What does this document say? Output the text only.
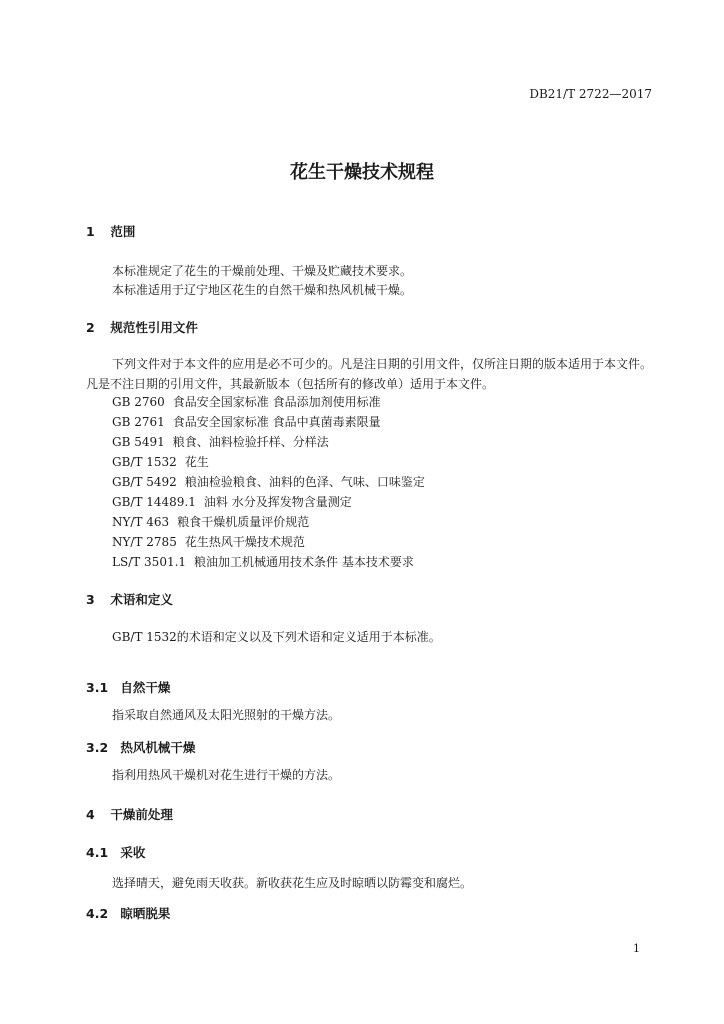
DB21/T 2722—2017
花生干燥技术规程
1 范围
本标准规定了花生的干燥前处理、干燥及贮藏技术要求。
本标准适用于辽宁地区花生的自然干燥和热风机械干燥。
2 规范性引用文件
下列文件对于本文件的应用是必不可少的。凡是注日期的引用文件，仅所注日期的版本适用于本文件。凡是不注日期的引用文件，其最新版本（包括所有的修改单）适用于本文件。
GB 2760 食品安全国家标准 食品添加剂使用标准
GB 2761 食品安全国家标准 食品中真菌毒素限量
GB 5491 粮食、油料检验扦样、分样法
GB/T 1532 花生
GB/T 5492 粮油检验粮食、油料的色泽、气味、口味鉴定
GB/T 14489.1 油料 水分及挥发物含量测定
NY/T 463 粮食干燥机质量评价规范
NY/T 2785 花生热风干燥技术规范
LS/T 3501.1 粮油加工机械通用技术条件 基本技术要求
3 术语和定义
GB/T 1532的术语和定义以及下列术语和定义适用于本标准。
3.1 自然干燥
指采取自然通风及太阳光照射的干燥方法。
3.2 热风机械干燥
指利用热风干燥机对花生进行干燥的方法。
4 干燥前处理
4.1 采收
选择晴天，避免雨天收获。新收获花生应及时晾晒以防霉变和腐烂。
4.2 晾晒脱果
1
